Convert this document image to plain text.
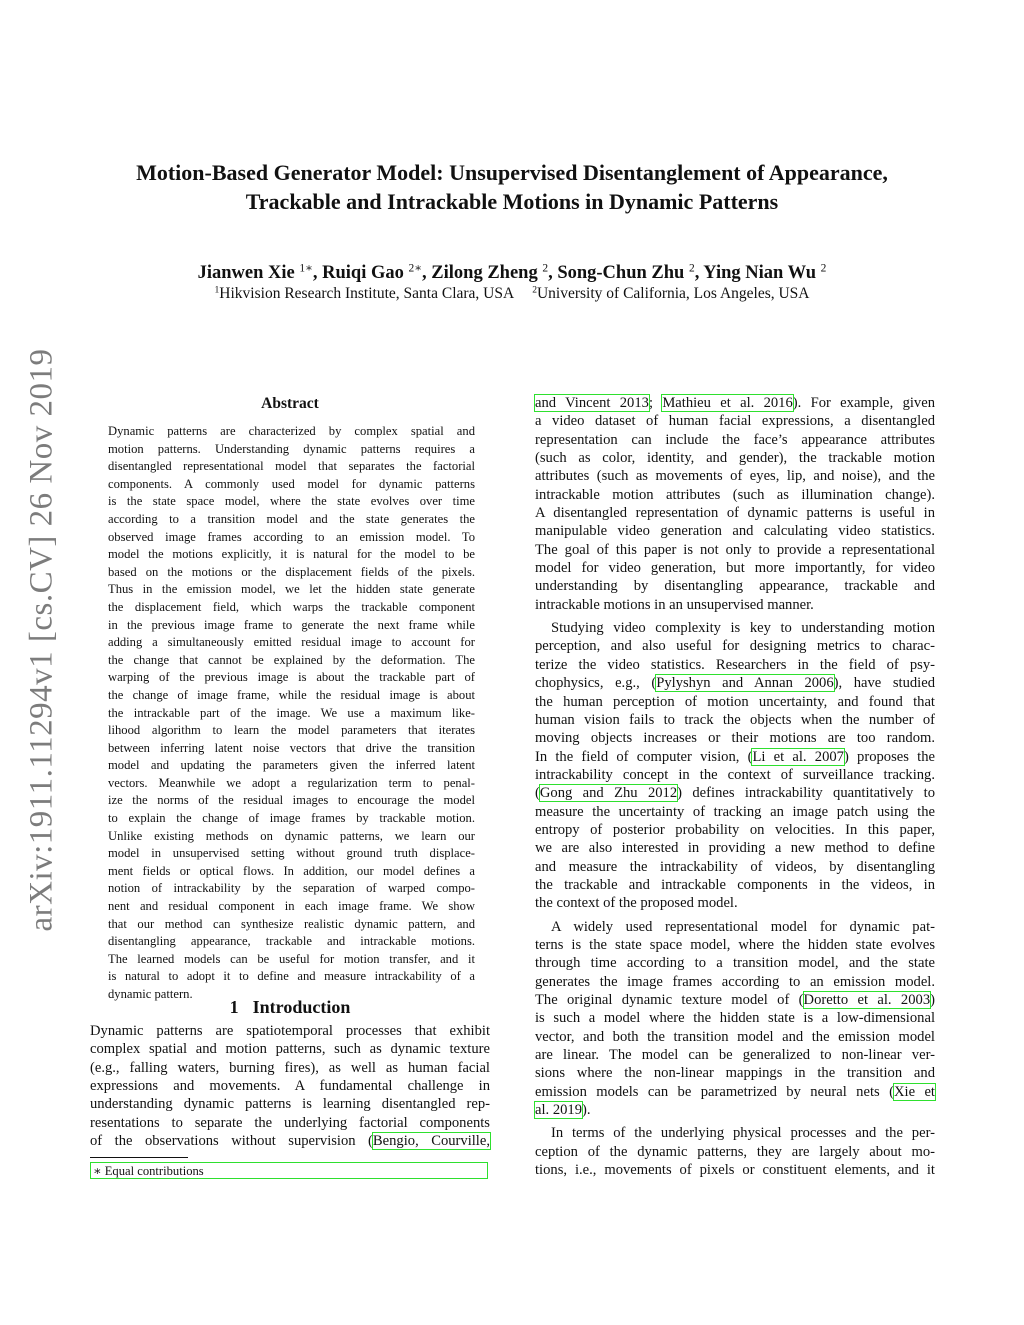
Motion-Based Generator Model: Unsupervised Disentanglement of Appearance,
Trackable and Intrackable Motions in Dynamic Patterns
Jianwen Xie $^{1∗}$, Ruiqi Gao $^{2∗}$, Zilong Zheng $^2$, Song-Chun Zhu $^2$, Ying Nian Wu $^2$
$^1$Hikvision Research Institute, Santa Clara, USA $^2$University of California, Los Angeles, USA
arXiv:1911.11294v1 [cs.CV] 26 Nov 2019	Abstract
Dynamic patterns are characterized by complex spatial and
motion patterns. Understanding dynamic patterns requires a
disentangled representational model that separates the factorial
components. A commonly used model for dynamic patterns
is the state space model, where the state evolves over time
according to a transition model and the state generates the
observed image frames according to an emission model. To
model the motions explicitly, it is natural for the model to be
based on the motions or the displacement fields of the pixels.
Thus in the emission model, we let the hidden state generate
the displacement field, which warps the trackable component
in the previous image frame to generate the next frame while
adding a simultaneously emitted residual image to account for
the change that cannot be explained by the deformation. The
warping of the previous image is about the trackable part of
the change of image frame, while the residual image is about
the intrackable part of the image. We use a maximum like-
lihood algorithm to learn the model parameters that iterates
between inferring latent noise vectors that drive the transition
model and updating the parameters given the inferred latent
vectors. Meanwhile we adopt a regularization term to penal-
ize the norms of the residual images to encourage the model
to explain the change of image frames by trackable motion.
Unlike existing methods on dynamic patterns, we learn our
model in unsupervised setting without ground truth displace-
ment fields or optical flows. In addition, our model defines a
notion of intrackability by the separation of warped compo-
nent and residual component in each image frame. We show
that our method can synthesize realistic dynamic pattern, and
disentangling appearance, trackable and intrackable motions.
The learned models can be useful for motion transfer, and it
is natural to adopt it to define and measure intrackability of a
dynamic pattern.
1 Introduction
Dynamic patterns are spatiotemporal processes that exhibit
complex spatial and motion patterns, such as dynamic texture
(e.g., falling waters, burning fires), as well as human facial
expressions and movements. A fundamental challenge in
understanding dynamic patterns is learning disentangled rep-
resentations to separate the underlying factorial components
of the observations without supervision (Bengio, Courville,
∗ Equal contributions
and Vincent 2013; Mathieu et al. 2016). For example, given
a video dataset of human facial expressions, a disentangled
representation can include the face’s appearance attributes
(such as color, identity, and gender), the trackable motion
attributes (such as movements of eyes, lip, and noise), and the
intrackable motion attributes (such as illumination change).
A disentangled representation of dynamic patterns is useful in
manipulable video generation and calculating video statistics.
The goal of this paper is not only to provide a representational
model for video generation, but more importantly, for video
understanding by disentangling appearance, trackable and
intrackable motions in an unsupervised manner.
Studying video complexity is key to understanding motion
perception, and also useful for designing metrics to charac-
terize the video statistics. Researchers in the field of psy-
chophysics, e.g., (Pylyshyn and Annan 2006), have studied
the human perception of motion uncertainty, and found that
human vision fails to track the objects when the number of
moving objects increases or their motions are too random.
In the field of computer vision, (Li et al. 2007) proposes the
intrackability concept in the context of surveillance tracking.
(Gong and Zhu 2012) defines intrackability quantitatively to
measure the uncertainty of tracking an image patch using the
entropy of posterior probability on velocities. In this paper,
we are also interested in providing a new method to define
and measure the intrackability of videos, by disentangling
the trackable and intrackable components in the videos, in
the context of the proposed model.
A widely used representational model for dynamic pat-
terns is the state space model, where the hidden state evolves
through time according to a transition model, and the state
generates the image frames according to an emission model.
The original dynamic texture model of (Doretto et al. 2003)
is such a model where the hidden state is a low-dimensional
vector, and both the transition model and the emission model
are linear. The model can be generalized to non-linear ver-
sions where the non-linear mappings in the transition and
emission models can be parametrized by neural nets (Xie et
al. 2019).
In terms of the underlying physical processes and the per-
ception of the dynamic patterns, they are largely about mo-
tions, i.e., movements of pixels or constituent elements, and it
